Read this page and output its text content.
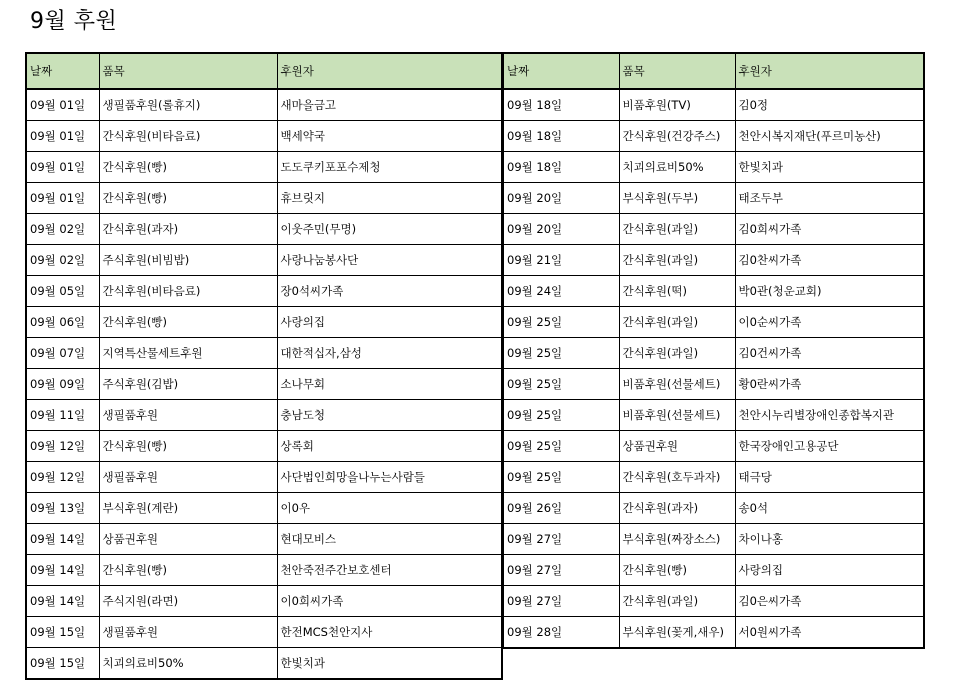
9월 후원
날짜	품목	후원자
09월 01일	생필품후원(롤휴지)	새마을금고
09월 01일	간식후원(비타음료)	백세약국
09월 01일	간식후원(빵)	도도쿠키포포수제청
09월 01일	간식후원(빵)	휴브릿지
09월 02일	간식후원(과자)	이웃주민(무명)
09월 02일	주식후원(비빔밥)	사랑나눔봉사단
09월 05일	간식후원(비타음료)	장0석씨가족
09월 06일	간식후원(빵)	사랑의집
09월 07일	지역특산물세트후원	대한적십자,삼성
09월 09일	주식후원(김밥)	소나무회
09월 11일	생필품후원	충남도청
09월 12일	간식후원(빵)	상록회
09월 12일	생필품후원	사단법인희망을나누는사람들
09월 13일	부식후원(계란)	이0우
09월 14일	상품권후원	현대모비스
09월 14일	간식후원(빵)	천안죽전주간보호센터
09월 14일	주식지원(라면)	이0희씨가족
09월 15일	생필품후원	한전MCS천안지사
09월 15일	치괴의료비50%	한빛치과
날짜	품목	후원자
09월 18일	비품후원(TV)	김0정
09월 18일	간식후원(건강주스)	천안시복지재단(푸르미농산)
09월 18일	치괴의료비50%	한빛치과
09월 20일	부식후원(두부)	태조두부
09월 20일	간식후원(과일)	김0희씨가족
09월 21일	간식후원(과일)	김0찬씨가족
09월 24일	간식후원(떡)	박0관(청운교회)
09월 25일	간식후원(과일)	이0순씨가족
09월 25일	간식후원(과일)	김0건씨가족
09월 25일	비품후원(선물세트)	황0란씨가족
09월 25일	비품후원(선물세트)	천안시누리별장애인종합복지관
09월 25일	상품권후원	한국장애인고용공단
09월 25일	간식후원(호두과자)	태극당
09월 26일	간식후원(과자)	송0석
09월 27일	부식후원(짜장소스)	차이나홍
09월 27일	간식후원(빵)	사랑의집
09월 27일	간식후원(과일)	김0은씨가족
09월 28일	부식후원(꽃게,새우)	서0원씨가족
